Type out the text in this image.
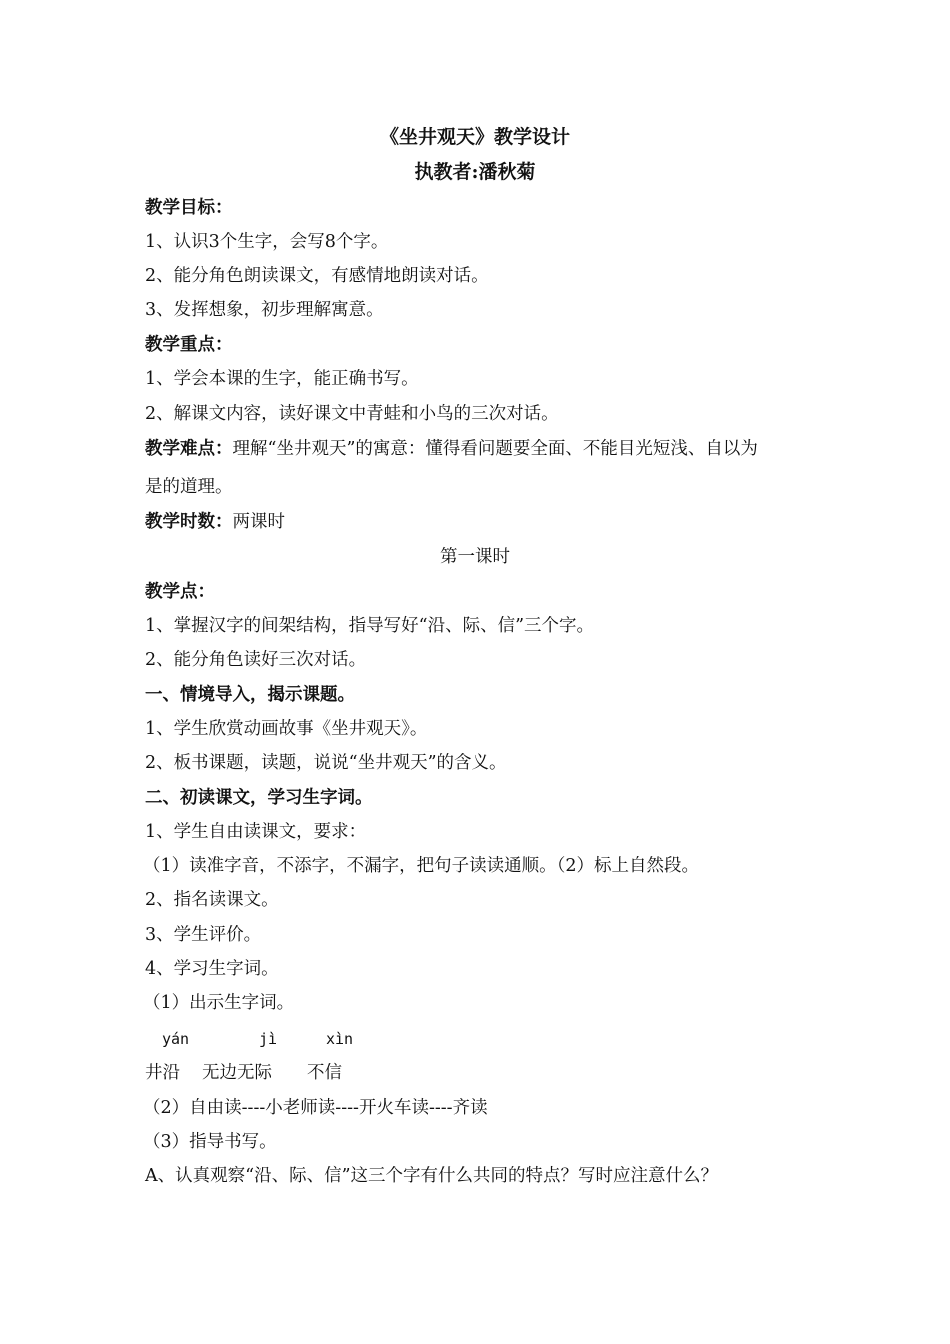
《坐井观天》教学设计
执教者:潘秋菊
教学目标：
1、认识3个生字，会写8个字。
2、能分角色朗读课文，有感情地朗读对话。
3、发挥想象，初步理解寓意。
教学重点：
1、学会本课的生字，能正确书写。
2、解课文内容，读好课文中青蛙和小鸟的三次对话。
教学难点：理解“坐井观天”的寓意：懂得看问题要全面、不能目光短浅、自以为
是的道理。
教学时数：两课时
第一课时
教学点：
1、掌握汉字的间架结构，指导写好“沿、际、信”三个字。
2、能分角色读好三次对话。
一、情境导入，揭示课题。
1、学生欣赏动画故事《坐井观天》。
2、板书课题，读题，说说“坐井观天”的含义。
二、初读课文，学习生字词。
1、学生自由读课文，要求：
（1）读准字音，不添字，不漏字，把句子读读通顺。（2）标上自然段。
2、指名读课文。
3、学生评价。
4、学习生字词。
（1）出示生字词。
yán	jì	xìn
井沿 无边无际 不信
（2）自由读----小老师读----开火车读----齐读
（3）指导书写。
A、认真观察“沿、际、信”这三个字有什么共同的特点？写时应注意什么？
